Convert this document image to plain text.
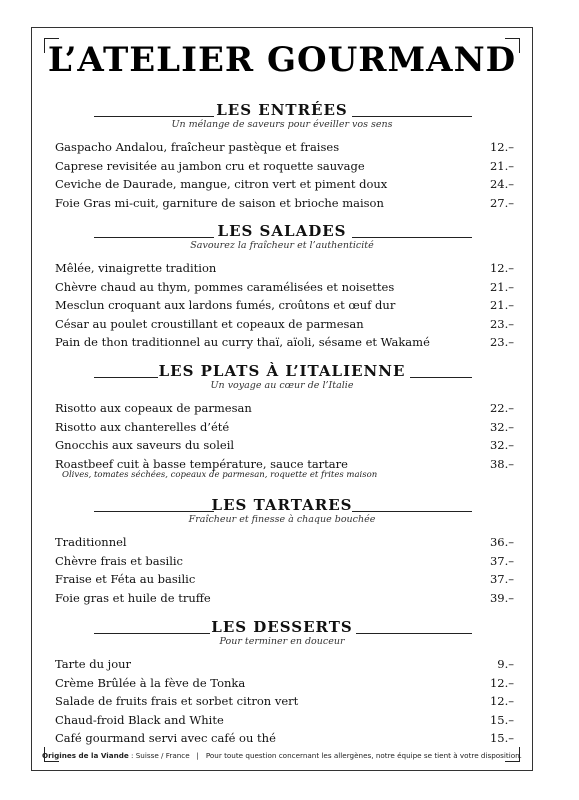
L’ATELIER GOURMAND
LES ENTRÉES
Un mélange de saveurs pour éveiller vos sens
Gaspacho Andalou, fraîcheur pastèque et fraises	12.–
Caprese revisitée au jambon cru et roquette sauvage	21.–
Ceviche de Daurade, mangue, citron vert et piment doux	24.–
Foie Gras mi-cuit, garniture de saison et brioche maison	27.–
LES SALADES
Savourez la fraîcheur et l’authenticité
Mêlée, vinaigrette tradition	12.–
Chèvre chaud au thym, pommes caramélisées et noisettes	21.–
Mesclun croquant aux lardons fumés, croûtons et œuf dur	21.–
César au poulet croustillant et copeaux de parmesan	23.–
Pain de thon traditionnel au curry thaï, aïoli, sésame et Wakamé	23.–
LES PLATS À L’ITALIENNE
Un voyage au cœur de l’Italie
Risotto aux copeaux de parmesan	22.–
Risotto aux chanterelles d’été	32.–
Gnocchis aux saveurs du soleil	32.–
Roastbeef cuit à basse température, sauce tartare	38.–
Olives, tomates séchées, copeaux de parmesan, roquette et frites maison
LES TARTARES
Fraîcheur et finesse à chaque bouchée
Traditionnel	36.–
Chèvre frais et basilic	37.–
Fraise et Féta au basilic	37.–
Foie gras et huile de truffe	39.–
LES DESSERTS
Pour terminer en douceur
Tarte du jour	9.–
Crème Brûlée à la fève de Tonka	12.–
Salade de fruits frais et sorbet citron vert	12.–
Chaud-froid Black and White	15.–
Café gourmand servi avec café ou thé	15.–
Origines de la Viande : Suisse / France | Pour toute question concernant les allergènes, notre équipe se tient à votre disposition.
